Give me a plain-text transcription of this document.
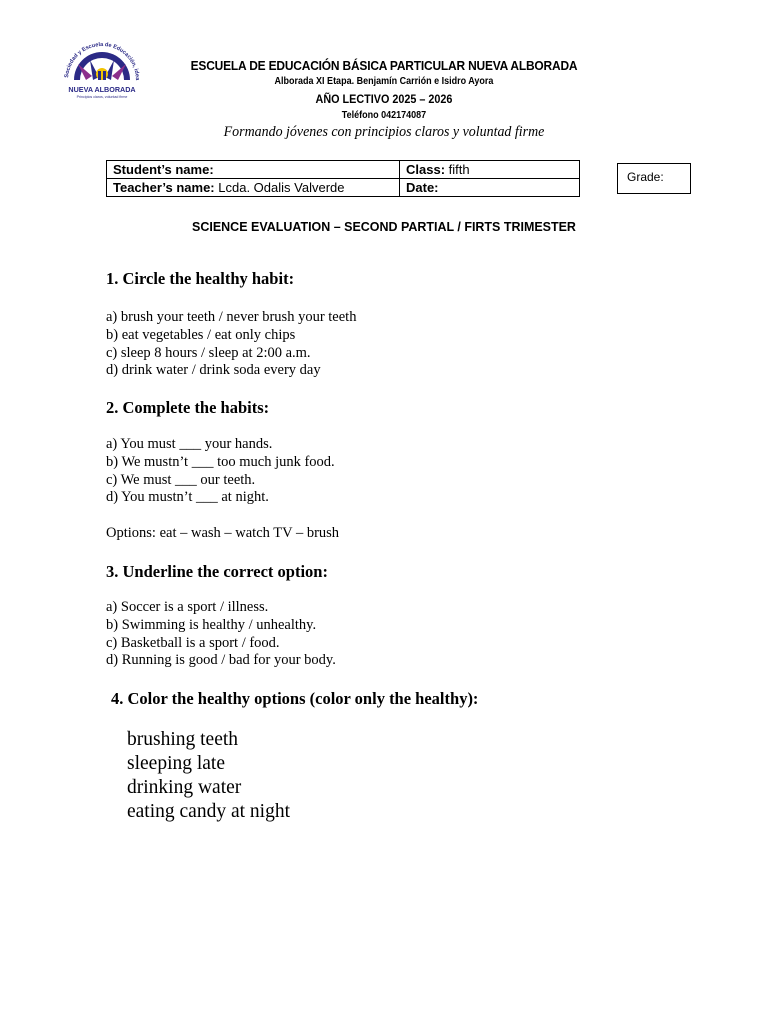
Sociedad y Escuela de Educación, idea
NUEVA ALBORADA
Principios claros, voluntad firme
ESCUELA DE EDUCACIÓN BÁSICA PARTICULAR NUEVA ALBORADA
Alborada XI Etapa. Benjamín Carrión e Isidro Ayora
AÑO LECTIVO 2025 – 2026
Teléfono 042174087
Formando jóvenes con principios claros y voluntad firme
Student’s name:	Class: fifth
Teacher’s name: Lcda. Odalis Valverde	Date:
Grade:
SCIENCE EVALUATION – SECOND PARTIAL / FIRTS TRIMESTER
1. Circle the healthy habit:
a) brush your teeth / never brush your teeth
b) eat vegetables / eat only chips
c) sleep 8 hours / sleep at 2:00 a.m.
d) drink water / drink soda every day
2. Complete the habits:
a) You must ___ your hands.
b) We mustn’t ___ too much junk food.
c) We must ___ our teeth.
d) You mustn’t ___ at night.
Options: eat – wash – watch TV – brush
3. Underline the correct option:
a) Soccer is a sport / illness.
b) Swimming is healthy / unhealthy.
c) Basketball is a sport / food.
d) Running is good / bad for your body.
4. Color the healthy options (color only the healthy):
brushing teeth
sleeping late
drinking water
eating candy at night
